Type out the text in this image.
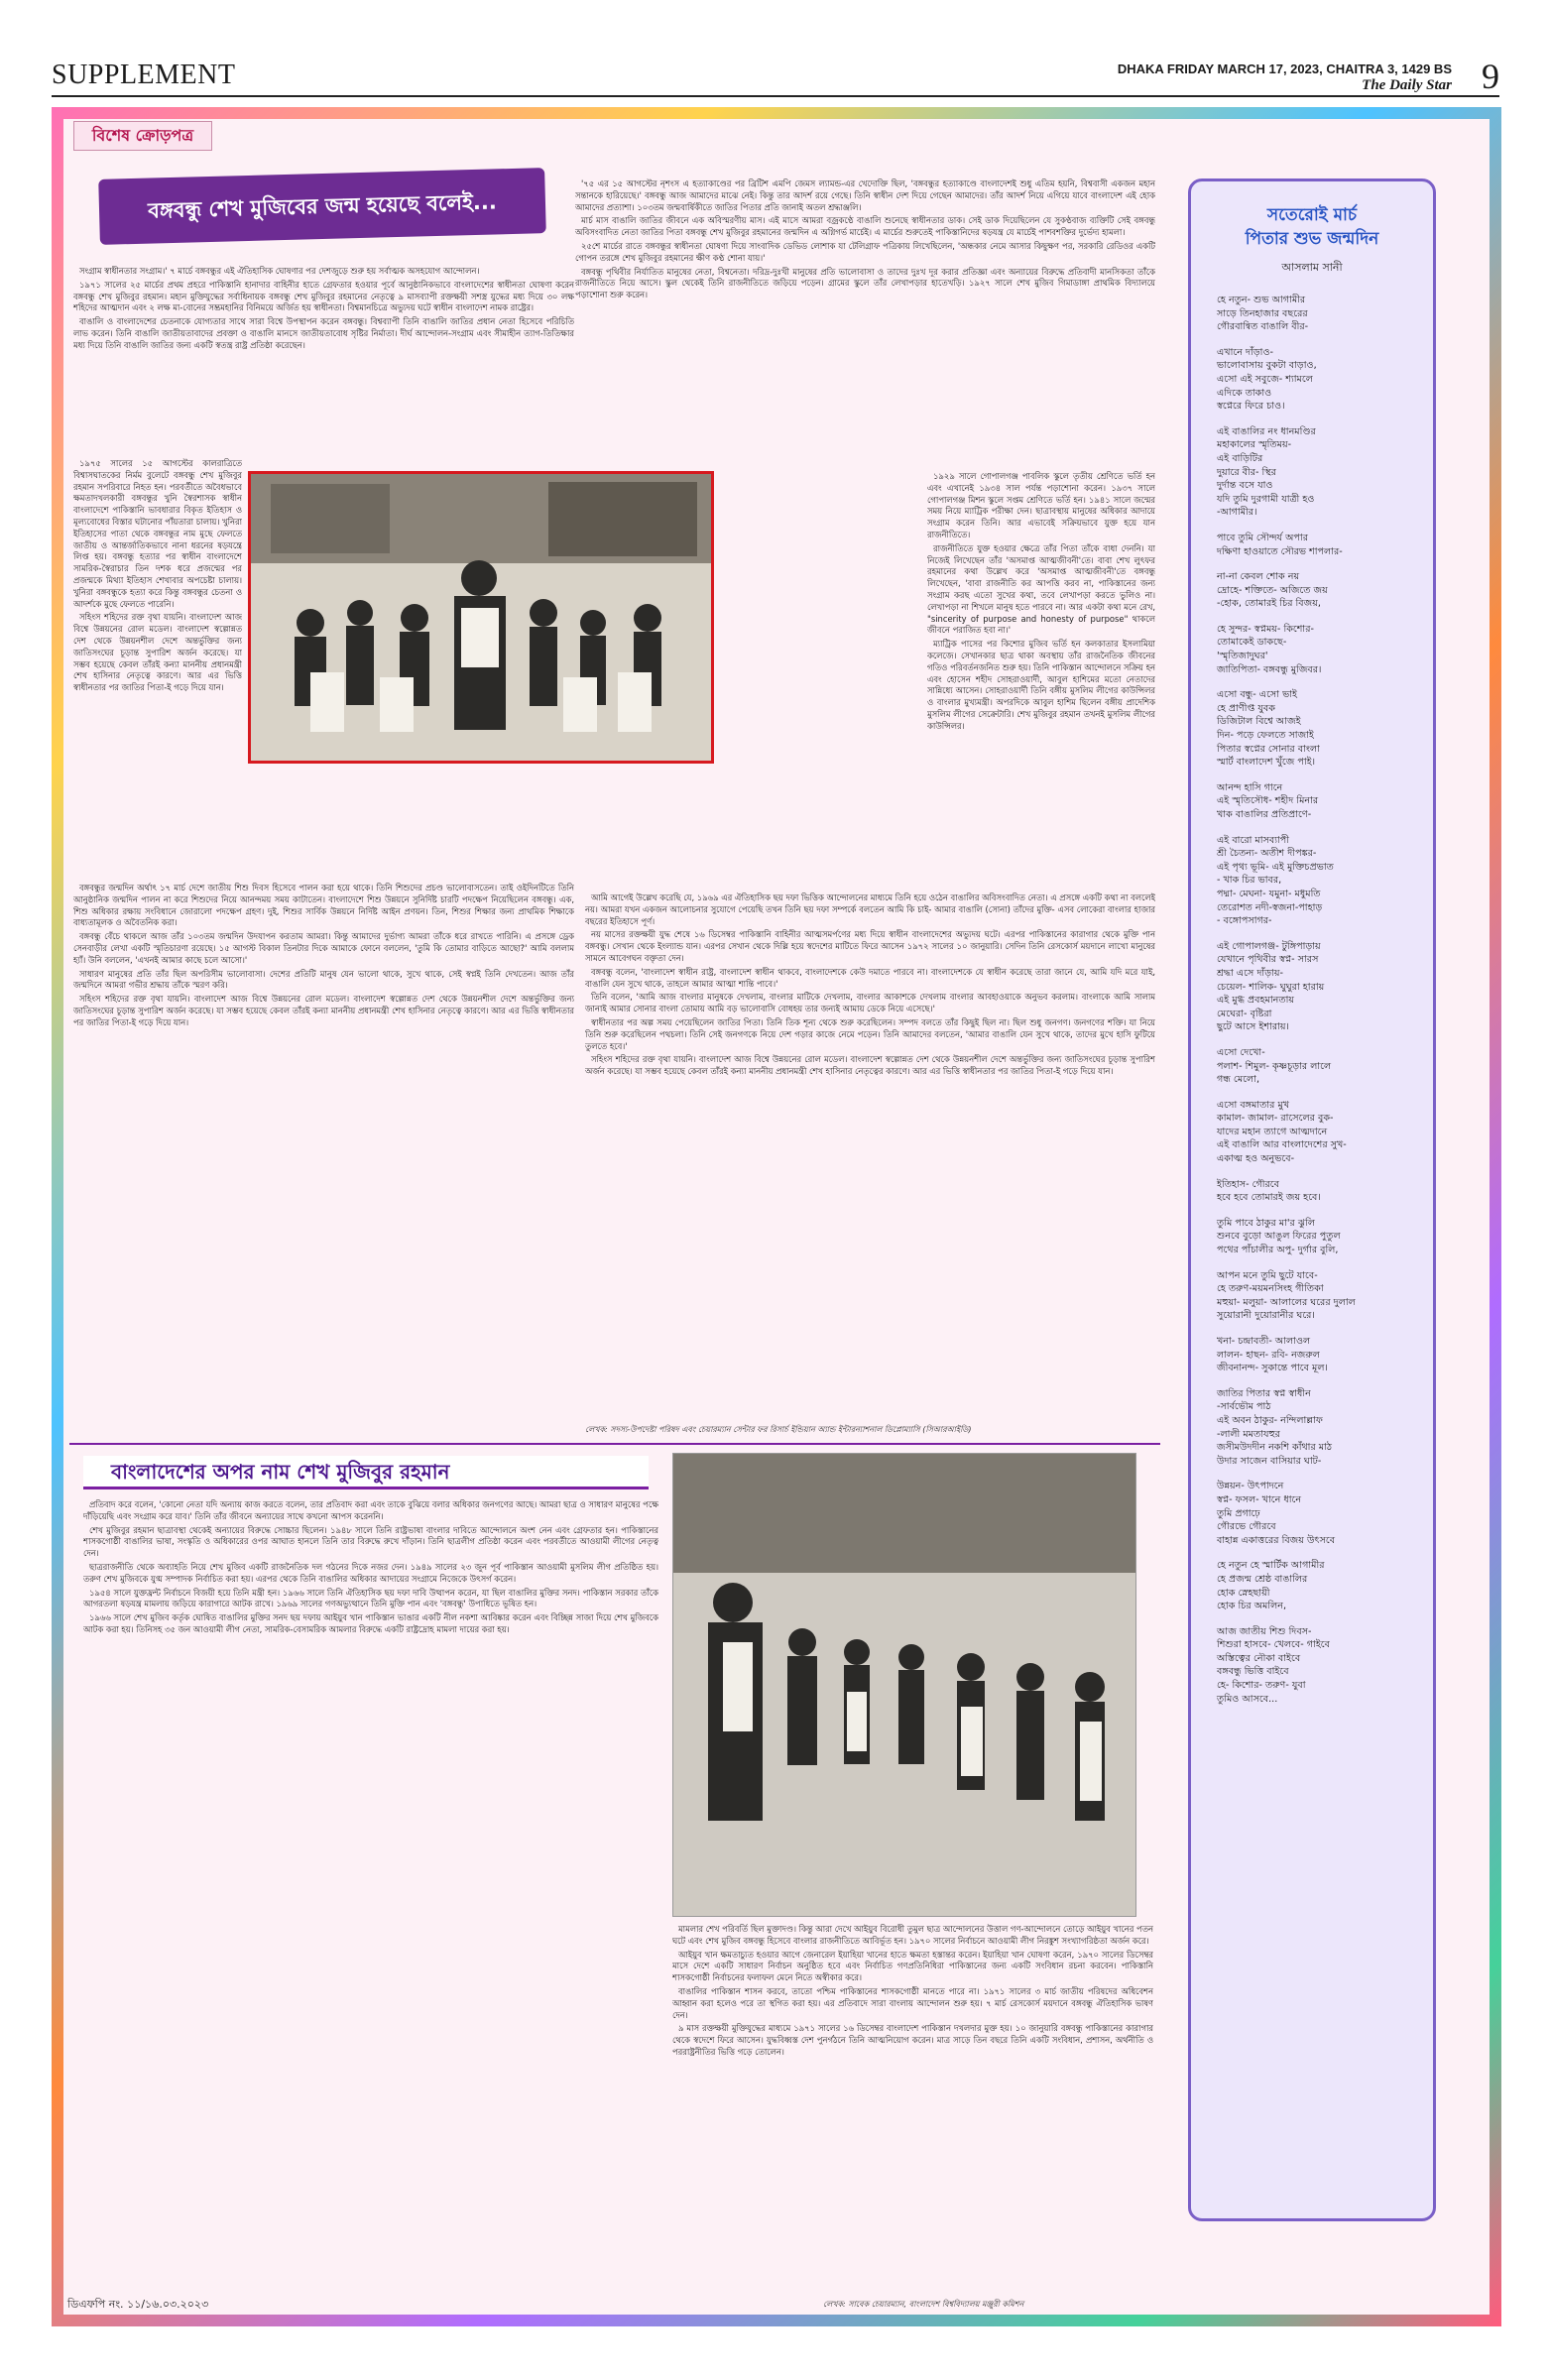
SUPPLEMENT	DHAKA FRIDAY MARCH 17, 2023, CHAITRA 3, 1429 BS
The Daily Star 9
ডিএফপি নং. ১১/১৬.০৩.২০২৩
বিশেষ ক্রোড়পত্র
বঙ্গবন্ধু শেখ মুজিবের জন্ম হয়েছে বলেই...

সংগ্রাম স্বাধীনতার সংগ্রাম।' ৭ মার্চে বঙ্গবন্ধুর এই ঐতিহাসিক ঘোষণার পর দেশজুড়ে শুরু হয় সর্বাত্মক অসহযোগ আন্দোলন।

১৯৭১ সালের ২৫ মার্চের প্রথম প্রহরে পাকিস্তানি হানাদার বাহিনীর হাতে গ্রেফতার হওয়ার পূর্বে আনুষ্ঠানিকভাবে বাংলাদেশের স্বাধীনতা ঘোষণা করেন বঙ্গবন্ধু শেখ মুজিবুর রহমান। মহান মুক্তিযুদ্ধের সর্বাধিনায়ক বঙ্গবন্ধু শেখ মুজিবুর রহমানের নেতৃত্বে ৯ মাসব্যাপী রক্তক্ষয়ী সশস্ত্র যুদ্ধের মধ্য দিয়ে ৩০ লক্ষ শহিদের আত্মদান এবং ২ লক্ষ মা-বোনের সম্ভ্রমহানির বিনিময়ে অর্জিত হয় স্বাধীনতা। বিশ্বমানচিত্রে অভ্যুদয় ঘটে স্বাধীন বাংলাদেশ নামক রাষ্ট্রের।

বাঙালি ও বাংলাদেশের চেতনাকে যোগ্যতার সাথে সারা বিশ্বে উপস্থাপন করেন বঙ্গবন্ধু। বিশ্বব্যাপী তিনি বাঙালি জাতির প্রধান নেতা হিসেবে পরিচিতি লাভ করেন। তিনি বাঙালি জাতীয়তাবাদের প্রবক্তা ও বাঙালি মানসে জাতীয়তাবোধ সৃষ্টির নির্মাতা। দীর্ঘ আন্দোলন-সংগ্রাম এবং সীমাহীন ত্যাগ-তিতিক্ষার মধ্য দিয়ে তিনি বাঙালি জাতির জন্য একটি স্বতন্ত্র রাষ্ট্র প্রতিষ্ঠা করেছেন।

১৯৭৫ সালের ১৫ আগস্টের কালরাত্রিতে বিশ্বাসঘাতকের নির্মম বুলেটে বঙ্গবন্ধু শেখ মুজিবুর রহমান সপরিবারে নিহত হন। পরবর্তীতে অবৈধভাবে ক্ষমতাদখলকারী বঙ্গবন্ধুর খুনি স্বৈরশাসক স্বাধীন বাংলাদেশে পাকিস্তানি ভাবধারার বিকৃত ইতিহাস ও মূল্যবোধের বিস্তার ঘটানোর পাঁয়তারা চালায়। খুনিরা ইতিহাসের পাতা থেকে বঙ্গবন্ধুর নাম মুছে ফেলতে জাতীয় ও আন্তর্জাতিকভাবে নানা ধরনের ষড়যন্ত্রে লিপ্ত হয়। বঙ্গবন্ধু হত্যার পর স্বাধীন বাংলাদেশে সামরিক-স্বৈরাচার তিন দশক ধরে প্রজন্মের পর প্রজন্মকে মিথ্যা ইতিহাস শেখাবার অপচেষ্টা চালায়। খুনিরা বঙ্গবন্ধুকে হত্যা করে কিন্তু বঙ্গবন্ধুর চেতনা ও আদর্শকে মুছে ফেলতে পারেনি।

সহিংস শহিদের রক্ত বৃথা যায়নি। বাংলাদেশ আজ বিশ্বে উন্নয়নের রোল মডেল। বাংলাদেশ স্বল্পোন্নত দেশ থেকে উন্নয়নশীল দেশে অন্তর্ভুক্তির জন্য জাতিসংঘের চূড়ান্ত সুপারিশ অর্জন করেছে। যা সম্ভব হয়েছে কেবল তাঁরই কন্যা মাননীয় প্রধানমন্ত্রী শেখ হাসিনার নেতৃত্বে কারণে। আর এর ভিত্তি স্বাধীনতার পর জাতির পিতা-ই গড়ে দিয়ে যান।

বঙ্গবন্ধুর জন্মদিন অর্থাৎ ১৭ মার্চ দেশে জাতীয় শিশু দিবস হিসেবে পালন করা হয়ে থাকে। তিনি শিশুদের প্রচণ্ড ভালোবাসতেন। তাই ওইদিনটিতে তিনি আনুষ্ঠানিক জন্মদিন পালন না করে শিশুদের নিয়ে আনন্দময় সময় কাটাতেন। বাংলাদেশে শিশু উন্নয়নে সুনির্দিষ্ট চারটি পদক্ষেপ নিয়েছিলেন বঙ্গবন্ধু। এক, শিশু অধিকার রক্ষায় সংবিধানে জোরালো পদক্ষেপ গ্রহণ। দুই, শিশুর সার্বিক উন্নয়নে নির্দিষ্ট আইন প্রণয়ন। তিন, শিশুর শিক্ষার জন্য প্রাথমিক শিক্ষাকে বাধ্যতামূলক ও অবৈতনিক করা।

বঙ্গবন্ধু বেঁচে থাকলে আজ তাঁর ১০৩তম জন্মদিন উদযাপন করতাম আমরা। কিন্তু আমাদের দুর্ভাগ্য আমরা তাঁকে ধরে রাখতে পারিনি। এ প্রসঙ্গে ড্রেক সেনবাড়ীর লেখা একটি স্মৃতিচারণা রয়েছে। ১৫ আগস্ট বিকাল তিনটার দিকে আমাকে ফোনে বললেন, 'তুমি কি তোমার বাড়িতে আছো?' আমি বললাম হ্যাঁ। উনি বললেন, 'এখনই আমার কাছে চলে আসো।'

সাধারণ মানুষের প্রতি তাঁর ছিল অপরিসীম ভালোবাসা। দেশের প্রতিটি মানুষ যেন ভালো থাকে, সুখে থাকে, সেই স্বপ্নই তিনি দেখতেন। আজ তাঁর জন্মদিনে আমরা গভীর শ্রদ্ধায় তাঁকে স্মরণ করি।

সহিংস শহিদের রক্ত বৃথা যায়নি। বাংলাদেশ আজ বিশ্বে উন্নয়নের রোল মডেল। বাংলাদেশ স্বল্পোন্নত দেশ থেকে উন্নয়নশীল দেশে অন্তর্ভুক্তির জন্য জাতিসংঘের চূড়ান্ত সুপারিশ অর্জন করেছে। যা সম্ভব হয়েছে কেবল তাঁরই কন্যা মাননীয় প্রধানমন্ত্রী শেখ হাসিনার নেতৃত্বে কারণে। আর এর ভিত্তি স্বাধীনতার পর জাতির পিতা-ই গড়ে দিয়ে যান।

'৭৫ এর ১৫ আগস্টের নৃশংস এ হত্যাকাণ্ডের পর ব্রিটিশ এমপি জেমস ল্যামন্ড-এর খেদোক্তি ছিল, 'বঙ্গবন্ধুর হত্যাকাণ্ডে বাংলাদেশই শুধু এতিম হয়নি, বিশ্ববাসী একজন মহান সন্তানকে হারিয়েছে।' বঙ্গবন্ধু আজ আমাদের মাঝে নেই। কিন্তু তার আদর্শ রয়ে গেছে। তিনি স্বাধীন দেশ দিয়ে গেছেন আমাদের। তাঁর আদর্শ নিয়ে এগিয়ে যাবে বাংলাদেশ এই হোক আমাদের প্রত্যাশা। ১০৩তম জন্মবার্ষিকীতে জাতির পিতার প্রতি জানাই অতল শ্রদ্ধাঞ্জলি।

মার্চ মাস বাঙালি জাতির জীবনে এক অবিস্মরণীয় মাস। এই মাসে আমরা বজ্রকণ্ঠে বাঙালি শুনেছে স্বাধীনতার ডাক। সেই ডাক দিয়েছিলেন যে সুকণ্ঠবাজ ব্যক্তিটি সেই বঙ্গবন্ধু অবিসংবাদিত নেতা জাতির পিতা বঙ্গবন্ধু শেখ মুজিবুর রহমানের জন্মদিন এ অগ্নিগর্ভ মার্চেই। এ মার্চের শুরুতেই পাকিস্তানিদের ষড়যন্ত্র যে মার্চেই পাশবশক্তির দুর্ভেদ্য হামলা।

২৫শে মার্চের রাতে বঙ্গবন্ধুর স্বাধীনতা ঘোষণা দিয়ে সাংবাদিক ডেভিড লোশাক যা টেলিগ্রাফ পত্রিকায় লিখেছিলেন, 'অন্ধকার নেমে আসার কিছুক্ষণ পর, সরকারি রেডিওর একটি গোপন তরঙ্গে শেখ মুজিবুর রহমানের ক্ষীণ কণ্ঠ শোনা যায়।'

বঙ্গবন্ধু পৃথিবীর নির্যাতিত মানুষের নেতা, বিশ্বনেতা। দরিদ্র-দুঃখী মানুষের প্রতি ভালোবাসা ও তাদের দুঃখ দূর করার প্রতিজ্ঞা এবং অন্যায়ের বিরুদ্ধে প্রতিবাদী মানসিকতা তাঁকে রাজনীতিতে নিয়ে আসে। স্কুল থেকেই তিনি রাজনীতিতে জড়িয়ে পড়েন। গ্রামের স্কুলে তাঁর লেখাপড়ার হাতেখড়ি। ১৯২৭ সালে শেখ মুজিব গিমাডাঙ্গা প্রাথমিক বিদ্যালয়ে পড়াশোনা শুরু করেন।

১৯২৯ সালে গোপালগঞ্জ পাবলিক স্কুলে তৃতীয় শ্রেণিতে ভর্তি হন এবং এখানেই ১৯৩৪ সাল পর্যন্ত পড়াশোনা করেন। ১৯৩৭ সালে গোপালগঞ্জ মিশন স্কুলে সপ্তম শ্রেণিতে ভর্তি হন। ১৯৪১ সালে জন্মের সময় নিয়ে ম্যাট্রিক পরীক্ষা দেন। ছাত্রাবস্থায় মানুষের অধিকার আদায়ে সংগ্রাম করেন তিনি। আর এভাবেই সক্রিয়ভাবে যুক্ত হয়ে যান রাজনীতিতে।

রাজনীতিতে যুক্ত হওয়ার ক্ষেত্রে তাঁর পিতা তাঁকে বাধা দেননি। যা নিজেই লিখেছেন তাঁর 'অসমাপ্ত আত্মজীবনী'তে। বাবা শেখ লুৎফর রহমানের কথা উল্লেখ করে 'অসমাপ্ত আত্মজীবনী'তে বঙ্গবন্ধু লিখেছেন, 'বাবা রাজনীতি কর আপত্তি করব না, পাকিস্তানের জন্য সংগ্রাম করছ এতো সুখের কথা, তবে লেখাপড়া করতে ভুলিও না। লেখাপড়া না শিখলে মানুষ হতে পারবে না। আর একটা কথা মনে রেখ, "sincerity of purpose and honesty of purpose" থাকলে জীবনে পরাজিত হবা না।'

ম্যাট্রিক পাসের পর কিশোর মুজিব ভর্তি হন কলকাতার ইসলামিয়া কলেজে। সেখানকার ছাত্র থাকা অবস্থায় তাঁর রাজনৈতিক জীবনের গতিও পরিবর্তনজনিত শুরু হয়। তিনি পাকিস্তান আন্দোলনে সক্রিয় হন এবং হোসেন শহীদ সোহরাওয়ার্দী, আবুল হাশিমের মতো নেতাদের সান্নিধ্যে আসেন। সোহরাওয়ার্দী তিনি বঙ্গীয় মুসলিম লীগের কাউন্সিলর ও বাংলার মুখ্যমন্ত্রী। অপরদিকে আবুল হাশিম ছিলেন বঙ্গীয় প্রাদেশিক মুসলিম লীগের সেক্রেটারি। শেখ মুজিবুর রহমান তখনই মুসলিম লীগের কাউন্সিলর।

আমি আগেই উল্লেখ করেছি যে, ১৯৬৯ এর ঐতিহাসিক ছয় দফা ভিত্তিক আন্দোলনের মাধ্যমে তিনি হয়ে ওঠেন বাঙালির অবিসংবাদিত নেতা। এ প্রসঙ্গে একটি কথা না বললেই নয়। আমরা যখন একজন আলোচনার সুযোগে পেয়েছি তখন তিনি ছয় দফা সম্পর্কে বলতেন আমি কি চাই- আমার বাঙালি (সোনা) তাঁদের মুক্তি- এসব লোকেরা বাংলার হাজার বছরের ইতিহাসে পূর্ণ।

নয় মাসের রক্তক্ষয়ী যুদ্ধ শেষে ১৬ ডিসেম্বর পাকিস্তানি বাহিনীর আত্মসমর্পণের মধ্য দিয়ে স্বাধীন বাংলাদেশের অভ্যুদয় ঘটে। এরপর পাকিস্তানের কারাগার থেকে মুক্তি পান বঙ্গবন্ধু। সেখান থেকে ইংল্যান্ড যান। এরপর সেখান থেকে দিল্লি হয়ে স্বদেশের মাটিতে ফিরে আসেন ১৯৭২ সালের ১০ জানুয়ারি। সেদিন তিনি রেসকোর্স ময়দানে লাখো মানুষের সামনে আবেগঘন বক্তৃতা দেন।

বঙ্গবন্ধু বলেন, 'বাংলাদেশ স্বাধীন রাষ্ট্র, বাংলাদেশ স্বাধীন থাকবে, বাংলাদেশকে কেউ দমাতে পারবে না। বাংলাদেশকে যে স্বাধীন করেছে তারা জানে যে, আমি যদি মরে যাই, বাঙালি যেন সুখে থাকে, তাহলে আমার আত্মা শান্তি পাবে।'

তিনি বলেন, 'আমি আজ বাংলার মানুষকে দেখলাম, বাংলার মাটিকে দেখলাম, বাংলার আকাশকে দেখলাম বাংলার আবহাওয়াকে অনুভব করলাম। বাংলাকে আমি সালাম জানাই আমার সোনার বাংলা তোমায় আমি বড় ভালোবাসি বোধহয় তার জন্যই আমায় ডেকে নিয়ে এসেছে।'

স্বাধীনতার পর অল্প সময় পেয়েছিলেন জাতির পিতা। তিনি তিক শূন্য থেকে শুরু করেছিলেন। সম্পদ বলতে তাঁর কিছুই ছিল না। ছিল শুধু জনগণ। জনগণের শক্তি। যা নিয়ে তিনি শুরু করেছিলেন পথচলা। তিনি সেই জনগণকে নিয়ে দেশ গড়ার কাজে নেমে পড়েন। তিনি আমাদের বলতেন, 'আমার বাঙালি যেন সুখে থাকে, তাদের মুখে হাসি ফুটিয়ে তুলতে হবে।'

সহিংস শহিদের রক্ত বৃথা যায়নি। বাংলাদেশ আজ বিশ্বে উন্নয়নের রোল মডেল। বাংলাদেশ স্বল্পোন্নত দেশ থেকে উন্নয়নশীল দেশে অন্তর্ভুক্তির জন্য জাতিসংঘের চূড়ান্ত সুপারিশ অর্জন করেছে। যা সম্ভব হয়েছে কেবল তাঁরই কন্যা মাননীয় প্রধানমন্ত্রী শেখ হাসিনার নেতৃত্বের কারণে। আর এর ভিত্তি স্বাধীনতার পর জাতির পিতা-ই গড়ে দিয়ে যান।

লেখক: সদস্য-উপদেষ্টা পরিষদ এবং চেয়ারম্যান সেন্টার ফর রিসার্চ ইন্ডিয়ান অ্যান্ড ইন্টারন্যাশনাল ডিপ্লোম্যাসি (সিআরআইডি)
বাংলাদেশের অপর নাম শেখ মুজিবুর রহমান

প্রতিবাদ করে বলেন, 'কোনো নেতা যদি অন্যায় কাজ করতে বলেন, তার প্রতিবাদ করা এবং তাকে বুঝিয়ে বলার অধিকার জনগণের আছে। আমরা ছাত্র ও সাধারণ মানুষের পক্ষে দাঁড়িয়েছি এবং সংগ্রাম করে যাব।' তিনি তাঁর জীবনে অন্যায়ের সাথে কখনো আপস করেননি।

শেখ মুজিবুর রহমান ছাত্রাবস্থা থেকেই অন্যায়ের বিরুদ্ধে সোচ্চার ছিলেন। ১৯৪৮ সালে তিনি রাষ্ট্রভাষা বাংলার দাবিতে আন্দোলনে অংশ নেন এবং গ্রেফতার হন। পাকিস্তানের শাসকগোষ্ঠী বাঙালির ভাষা, সংস্কৃতি ও অধিকারের ওপর আঘাত হানলে তিনি তার বিরুদ্ধে রুখে দাঁড়ান। তিনি ছাত্রলীগ প্রতিষ্ঠা করেন এবং পরবর্তীতে আওয়ামী লীগের নেতৃত্ব দেন।

ছাত্ররাজনীতি থেকে অব্যাহতি নিয়ে শেখ মুজিব একটি রাজনৈতিক দল গঠনের দিকে নজর দেন। ১৯৪৯ সালের ২৩ জুন পূর্ব পাকিস্তান আওয়ামী মুসলিম লীগ প্রতিষ্ঠিত হয়। তরুণ শেখ মুজিবকে যুগ্ম সম্পাদক নির্বাচিত করা হয়। এরপর থেকে তিনি বাঙালির অধিকার আদায়ের সংগ্রামে নিজেকে উৎসর্গ করেন।

১৯৫৪ সালে যুক্তফ্রন্ট নির্বাচনে বিজয়ী হয়ে তিনি মন্ত্রী হন। ১৯৬৬ সালে তিনি ঐতিহাসিক ছয় দফা দাবি উত্থাপন করেন, যা ছিল বাঙালির মুক্তির সনদ। পাকিস্তান সরকার তাঁকে আগরতলা ষড়যন্ত্র মামলায় জড়িয়ে কারাগারে আটক রাখে। ১৯৬৯ সালের গণঅভ্যুত্থানে তিনি মুক্তি পান এবং 'বঙ্গবন্ধু' উপাধিতে ভূষিত হন।

১৯৬৬ সালে শেখ মুজিব কর্তৃক ঘোষিত বাঙালির মুক্তির সনদ ছয় দফায় আইয়ুব খান পাকিস্তান ভাঙার একটি নীল নকশা আবিষ্কার করেন এবং বিচ্ছিন্ন সাজা দিয়ে শেখ মুজিবকে আটক করা হয়। তিনিসহ ৩৫ জন আওয়ামী লীগ নেতা, সামরিক-বেসামরিক আমলার বিরুদ্ধে একটি রাষ্ট্রদ্রোহ মামলা দায়ের করা হয়।

মামলার শেখ পরিবর্তি ছিল মুক্তাদণ্ড। কিন্তু আরা দেখে আইয়ুব বিরোধী তুমুল ছাত্র আন্দোলনের উত্তাল গণ-আন্দোলনে তোড়ে আইয়ুব খানের পতন ঘটে এবং শেখ মুজিব বঙ্গবন্ধু হিসেবে বাংলার রাজনীতিতে আবির্ভূত হন। ১৯৭০ সালের নির্বাচনে আওয়ামী লীগ নিরঙ্কুশ সংখ্যাগরিষ্ঠতা অর্জন করে।

আইয়ুব খান ক্ষমতাচ্যুত হওয়ার আগে জেনারেল ইয়াহিয়া খানের হাতে ক্ষমতা হস্তান্তর করেন। ইয়াহিয়া খান ঘোষণা করেন, ১৯৭০ সালের ডিসেম্বর মাসে দেশে একটি সাধারণ নির্বাচন অনুষ্ঠিত হবে এবং নির্বাচিত গণপ্রতিনিধিরা পাকিস্তানের জন্য একটি সংবিধান রচনা করবেন। পাকিস্তানি শাসকগোষ্ঠী নির্বাচনের ফলাফল মেনে নিতে অস্বীকার করে।

বাঙালির পাকিস্তান শাসন করবে, তাতো পশ্চিম পাকিস্তানের শাসকগোষ্ঠী মানতে পারে না। ১৯৭১ সালের ৩ মার্চ জাতীয় পরিষদের অধিবেশন আহ্বান করা হলেও পরে তা স্থগিত করা হয়। এর প্রতিবাদে সারা বাংলায় আন্দোলন শুরু হয়। ৭ মার্চ রেসকোর্স ময়দানে বঙ্গবন্ধু ঐতিহাসিক ভাষণ দেন।

৯ মাস রক্তক্ষয়ী মুক্তিযুদ্ধের মাধ্যমে ১৯৭১ সালের ১৬ ডিসেম্বর বাংলাদেশ পাকিস্তান দখলদার মুক্ত হয়। ১০ জানুয়ারি বঙ্গবন্ধু পাকিস্তানের কারাগার থেকে স্বদেশে ফিরে আসেন। যুদ্ধবিধ্বস্ত দেশ পুনর্গঠনে তিনি আত্মনিয়োগ করেন। মাত্র সাড়ে তিন বছরে তিনি একটি সংবিধান, প্রশাসন, অর্থনীতি ও পররাষ্ট্রনীতির ভিত্তি গড়ে তোলেন।

লেখক: সাবেক চেয়ারম্যান, বাংলাদেশ বিশ্ববিদ্যালয় মঞ্জুরী কমিশন
সতেরোই মার্চ
পিতার শুভ জন্মদিন
আসলাম সানী
হে নতুন- শুভ আগামীর
সাড়ে তিনহাজার বছরের
গৌরবান্বিত বাঙালি বীর-
এখানে দাঁড়াও-
ভালোবাসায় বুকটা বাড়াও,
এসো এই সবুজে- শ্যামলে
এদিকে তাকাও
স্বপ্নেরে ফিরে চাও।
এই বাঙালির নং ধানমণ্ডির
মহাকালের স্মৃতিময়-
এই বাড়িটির
দুয়ারে বীর- স্থির
দুর্দান্ত বসে যাও
যদি তুমি দুরগামী যাত্রী হও
-আগামীর।
পাবে তুমি সৌন্দর্য অপার
দক্ষিণা হাওয়াতে সৌরভ শাপলার-
না-না কেবল শোক নয়
দ্রোহে- শক্তিতে- অজিতে জয়
-হোক, তোমারই চির বিজয়,
হে সুন্দর- স্বপ্নময়- কিশোর-
তোমাকেই ডাকছে-
'স্মৃতিজাদুঘর'
জাতিপিতা- বঙ্গবন্ধু মুজিবর।
এসো বন্ধু- এসো ভাই
হে প্রাণীপ্ত যুবক
ডিজিটাল বিশ্বে আজই
দিন- পড়ে ফেলতে সাজাই
পিতার স্বপ্নের সোনার বাংলা
স্মার্ট বাংলাদেশ খুঁজে পাই।
আনন্দ হাসি গানে
এই স্মৃতিসৌধ- শহীদ মিনার
খাক বাঙালির প্রতিপ্রাণে-
এই বারো মাসব্যাপী
শ্রী চৈতন্য- অতীশ দীপঙ্কর-
এই পৃথ্য ভূমি- এই মুক্তিচপ্রভাত
- খাক চির ভাবর,
পদ্মা- মেঘনা- যমুনা- মধুমতি
তেরোশত নদী-স্বজনা-পাহাড়
- বঙ্গোপসাগর-
এই গোপালগঞ্জ- টুঙ্গিপাড়ায়
যেখানে পৃথিবীর স্বপ্ন- সারস
শ্রদ্ধা এসে দাঁড়ায়-
চেয়েল- শালিক- ঘুঘুরা হারায়
এই মুগ্ধ প্রবহমানতায়
মেঘেরা- বৃষ্টিরা
ছুটে আসে ইশারায়।
এসো দেখো-
পলাশ- শিমুল- কৃষ্ণচূড়ার লালে
গন্ধ মেলো,
এসো বঙ্গমাতার মুখ
কামাল- জামাল- রাসেলের বুক-
যাদের মহান ত্যাগে আত্মদানে
এই বাঙালি আর বাংলাদেশের সুখ-
একাত্ম হও অনুভবে-
ইতিহাস- গৌরবে
হবে হবে তোমারই জয় হবে।
তুমি পাবে ঠাকুর মা'র ঝুলি
শুনবে বুড়ো আঙুল ফিরের পুতুল
পথের পাঁচালীর অপু- দুর্গার বুলি,
আপন মনে তুমি ছুটে যাবে-
হে তরুণ-ময়মনসিংহ গীতিকা
মহুয়া- মলুয়া- আলালের ঘরের দুলাল
সুয়োরানী দুয়োরানীর ঘরে।
খনা- চন্দ্রাবতী- আলাওল
লালন- হাছন- রবি- নজরুল
জীবনানন্দ- সুকান্তে পাবে মূল।
জাতির পিতার স্বপ্ন স্বাধীন
-সার্বভৌম পাঠ
এই অবন ঠাকুর- নন্দিলাল্লাফ
-লালী মমতাযহুর
জসীমউদদীন নকশি কাঁথার মাঠ
উদার সাজেন বাসিয়ার ঘাট-
উন্নয়ন- উৎপাদনে
স্বপ্ন- ফসল- খানে ধানে
তুমি প্রগাঢ়ে
গৌরভে গৌরবে
বাহান্ন একাত্তরের বিজয় উৎসবে
হে নতুন হে স্মার্টিক আগামীর
হে প্রজন্ম শ্রেষ্ঠ বাঙালির
হোক স্নেহছায়ী
হোক চির অমলিন,
আজ জাতীয় শিশু দিবস-
শিশুরা হাসবে- খেলবে- গাইবে
অস্তিত্বের নৌকা বাইবে
বঙ্গবন্ধু ভিত্তি বাইবে
হে- কিশোর- তরুণ- যুবা
তুমিও আসবে...
